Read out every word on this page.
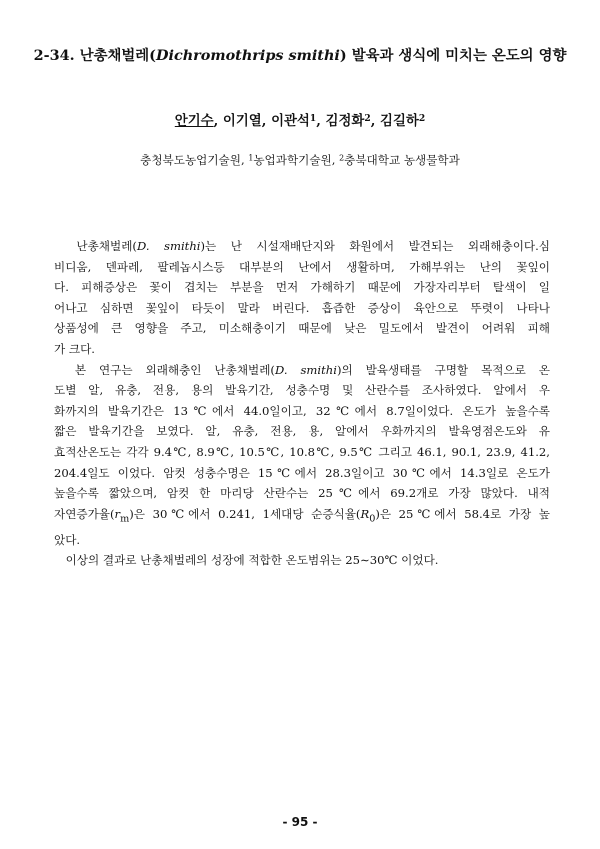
2-34. 난총채벌레(Dichromothrips smithi) 발육과 생식에 미치는 온도의 영향
안기수, 이기열, 이관석$^1$, 김정화$^2$, 김길하$^2$
충청북도농업기술원, $^1$농업과학기술원, $^2$충북대학교 농생물학과

　난총채벌레(D. smithi)는 난 시설재배단지와 화원에서 발견되는 외래해충이다.심

비디움, 덴파레, 팔레놉시스등 대부분의 난에서 생활하며, 가해부위는 난의 꽃잎이

다. 피해증상은 꽃이 겹치는 부분을 먼저 가해하기 때문에 가장자리부터 탈색이 일

어나고 심하면 꽃잎이 타듯이 말라 버린다. 흡즙한 증상이 육안으로 뚜렷이 나타나

상품성에 큰 영향을 주고, 미소해충이기 때문에 낮은 밀도에서 발견이 어려워 피해

가 크다.

　본 연구는 외래해충인 난총채벌레(D. smithi)의 발육생태를 구명할 목적으로 온

도별 알, 유충, 전용, 용의 발육기간, 성충수명 및 산란수를 조사하였다. 알에서 우

화까지의 발육기간은 13℃에서 44.0일이고, 32℃에서 8.7일이었다. 온도가 높을수록

짧은 발육기간을 보였다. 알, 유충, 전용, 용, 알에서 우화까지의 발육영점온도와 유

효적산온도는 각각 9.4℃, 8.9℃, 10.5℃, 10.8℃, 9.5℃ 그리고 46.1, 90.1, 23.9, 41.2,

204.4일도 이었다. 암컷 성충수명은 15℃에서 28.3일이고 30℃에서 14.3일로 온도가

높을수록 짧았으며, 암컷 한 마리당 산란수는 25℃에서 69.2개로 가장 많았다. 내적

자연증가율$(r_m)$은 30℃에서 0.241, 1세대당 순증식율$(R_0)$은 25℃에서 58.4로 가장 높

았다.

　이상의 결과로 난총채벌레의 성장에 적합한 온도범위는 25∼30℃ 이었다.

- 95 -
